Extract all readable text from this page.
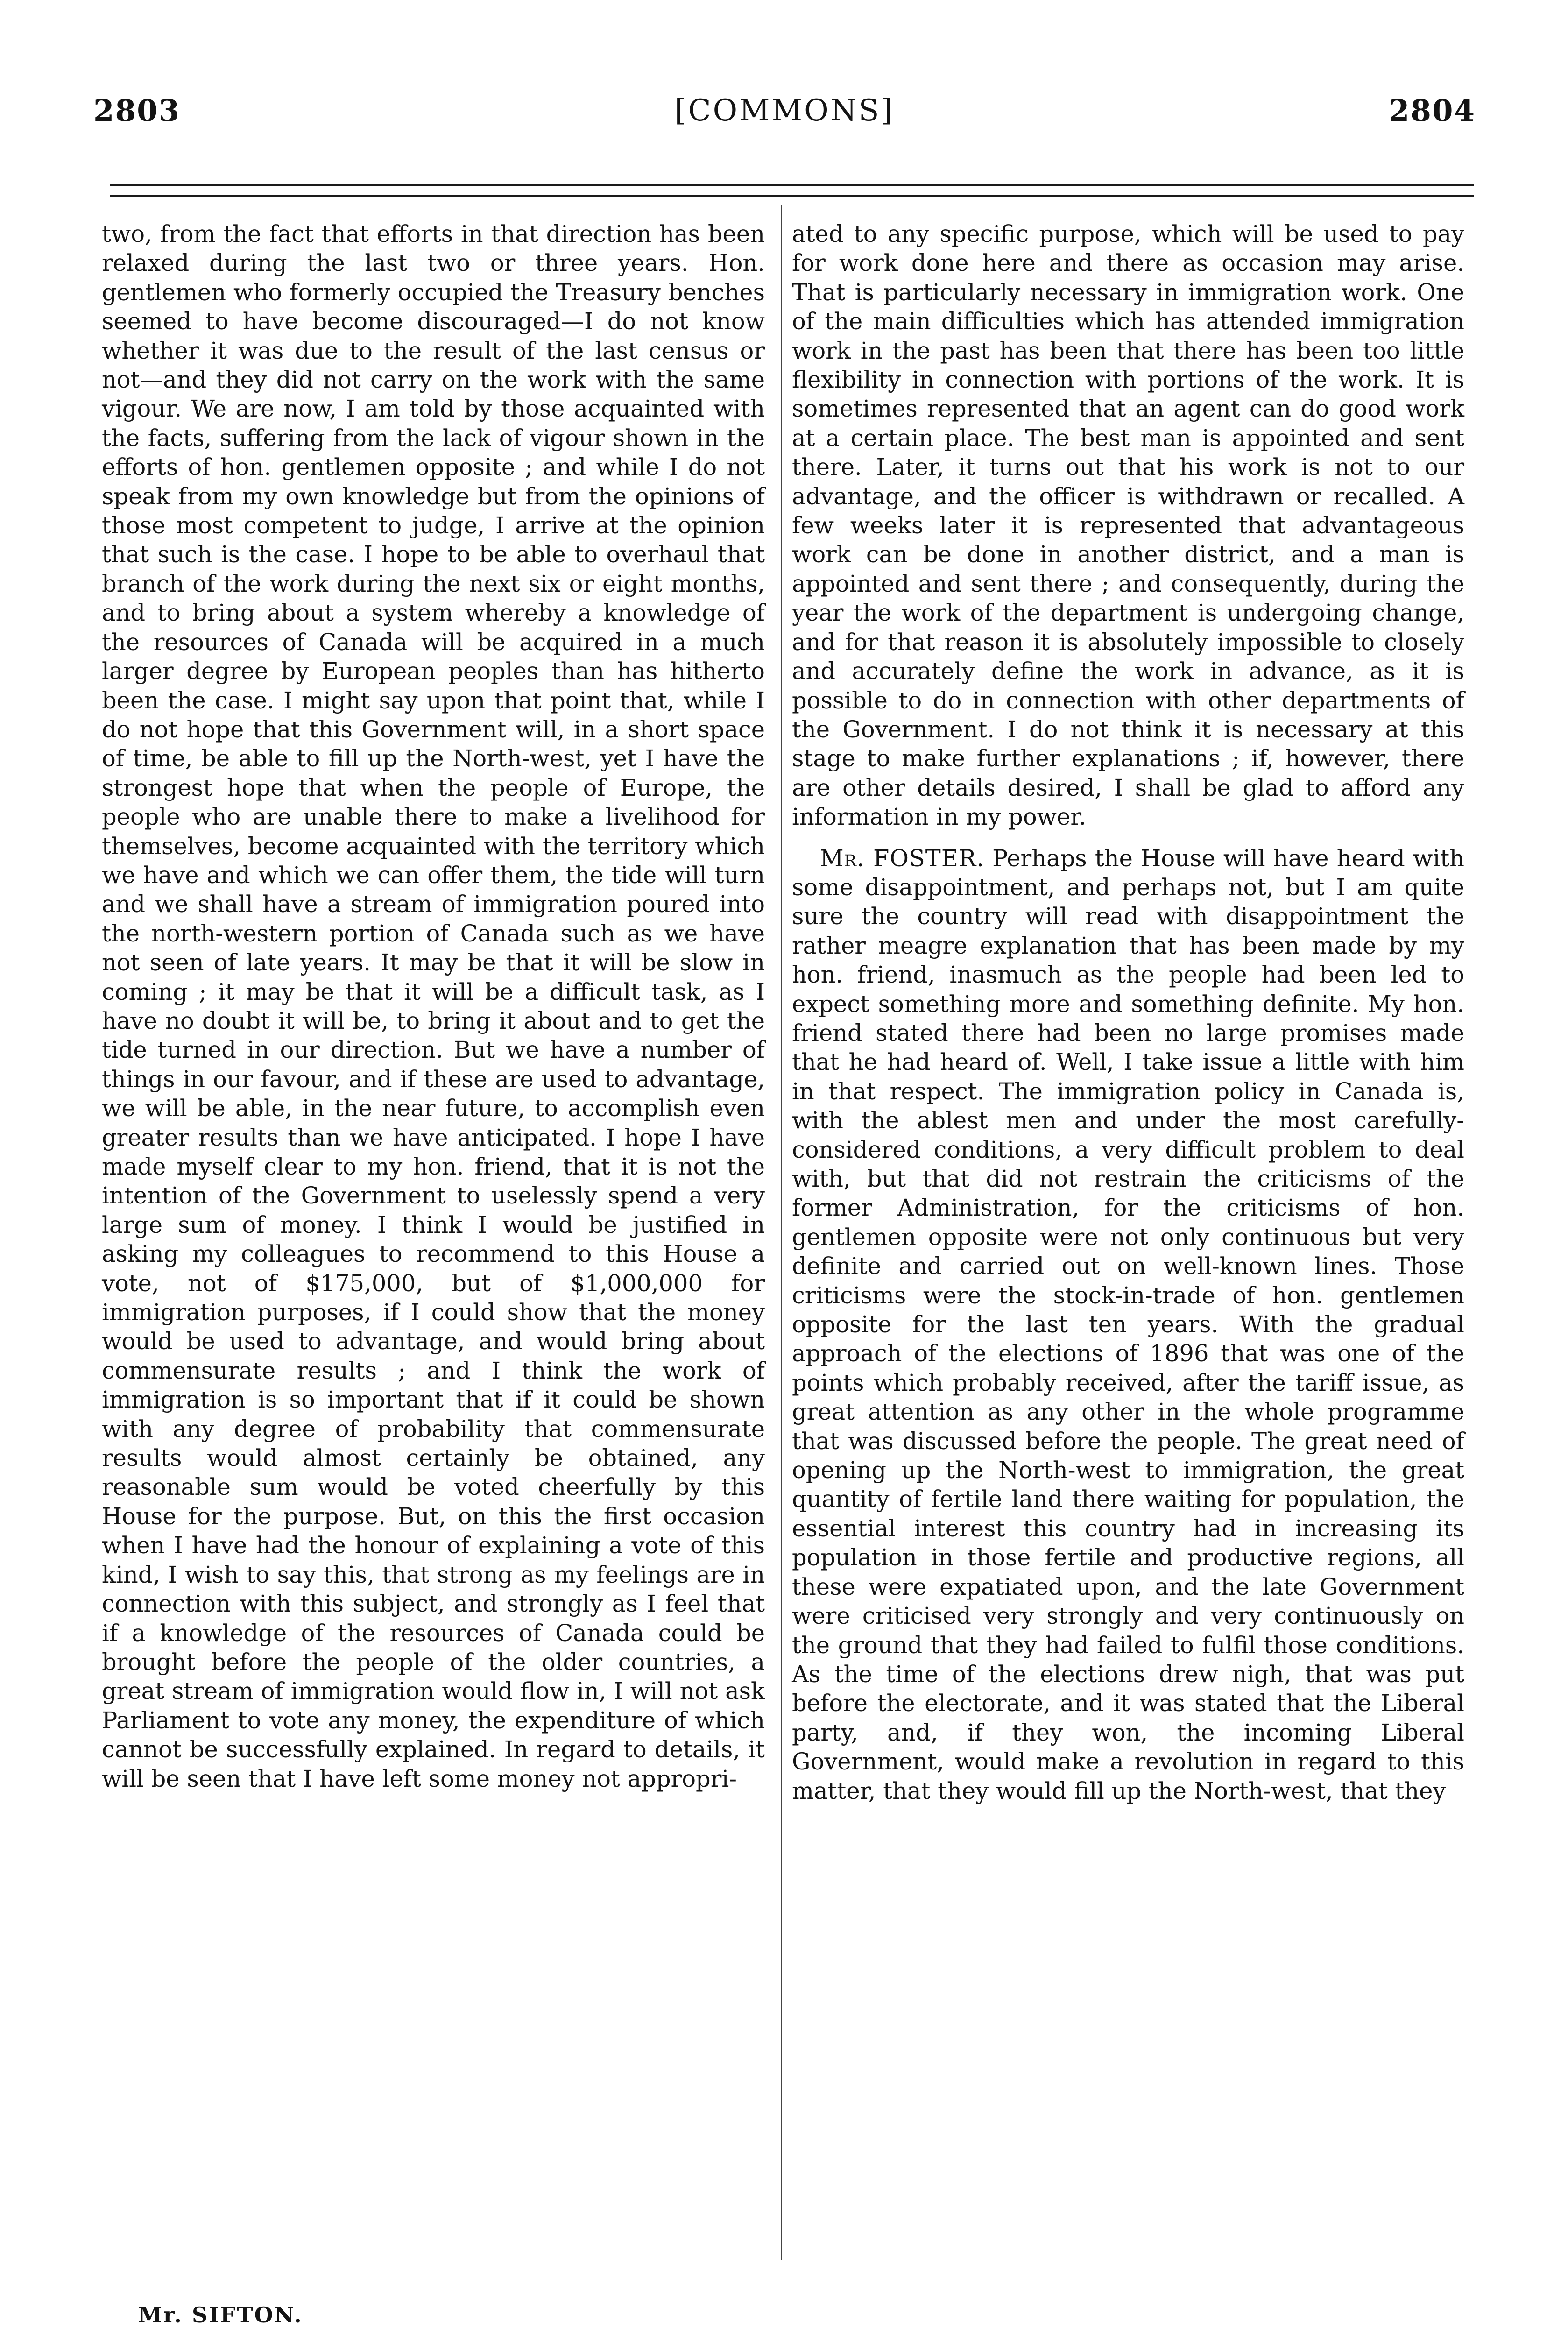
2803	[COMMONS]	2804

two, from the fact that efforts in that direction has been relaxed during the last two or three years. Hon. gentlemen who formerly occupied the Treasury benches seemed to have become discouraged—I do not know whether it was due to the result of the last census or not—and they did not carry on the work with the same vigour. We are now, I am told by those acquainted with the facts, suffering from the lack of vigour shown in the efforts of hon. gentlemen opposite ; and while I do not speak from my own knowledge but from the opinions of those most competent to judge, I arrive at the opinion that such is the case. I hope to be able to overhaul that branch of the work during the next six or eight months, and to bring about a system whereby a knowledge of the resources of Canada will be acquired in a much larger degree by European peoples than has hitherto been the case. I might say upon that point that, while I do not hope that this Government will, in a short space of time, be able to fill up the North-west, yet I have the strongest hope that when the people of Europe, the people who are unable there to make a livelihood for themselves, become acquainted with the territory which we have and which we can offer them, the tide will turn and we shall have a stream of immigration poured into the north-western portion of Canada such as we have not seen of late years. It may be that it will be slow in coming ; it may be that it will be a difficult task, as I have no doubt it will be, to bring it about and to get the tide turned in our direction. But we have a number of things in our favour, and if these are used to advantage, we will be able, in the near future, to accomplish even greater results than we have anticipated. I hope I have made myself clear to my hon. friend, that it is not the intention of the Government to uselessly spend a very large sum of money. I think I would be justified in asking my colleagues to recommend to this House a vote, not of $175,000, but of $1,000,000 for immigration purposes, if I could show that the money would be used to advantage, and would bring about commensurate results ; and I think the work of immigration is so important that if it could be shown with any degree of probability that commensurate results would almost certainly be obtained, any reasonable sum would be voted cheerfully by this House for the purpose. But, on this the first occasion when I have had the honour of explaining a vote of this kind, I wish to say this, that strong as my feelings are in connection with this subject, and strongly as I feel that if a knowledge of the resources of Canada could be brought before the people of the older countries, a great stream of immigration would flow in, I will not ask Parliament to vote any money, the expenditure of which cannot be successfully explained. In regard to details, it will be seen that I have left some money not appropri-

ated to any specific purpose, which will be used to pay for work done here and there as occasion may arise. That is particularly necessary in immigration work. One of the main difficulties which has attended immigration work in the past has been that there has been too little flexibility in connection with portions of the work. It is sometimes represented that an agent can do good work at a certain place. The best man is appointed and sent there. Later, it turns out that his work is not to our advantage, and the officer is withdrawn or recalled. A few weeks later it is represented that advantageous work can be done in another district, and a man is appointed and sent there ; and consequently, during the year the work of the department is undergoing change, and for that reason it is absolutely impossible to closely and accurately define the work in advance, as it is possible to do in connection with other departments of the Government. I do not think it is necessary at this stage to make further explanations ; if, however, there are other details desired, I shall be glad to afford any information in my power.

Mr. FOSTER. Perhaps the House will have heard with some disappointment, and perhaps not, but I am quite sure the country will read with disappointment the rather meagre explanation that has been made by my hon. friend, inasmuch as the people had been led to expect something more and something definite. My hon. friend stated there had been no large promises made that he had heard of. Well, I take issue a little with him in that respect. The immigration policy in Canada is, with the ablest men and under the most carefully-considered conditions, a very difficult problem to deal with, but that did not restrain the criticisms of the former Administration, for the criticisms of hon. gentlemen opposite were not only continuous but very definite and carried out on well-known lines. Those criticisms were the stock-in-trade of hon. gentlemen opposite for the last ten years. With the gradual approach of the elections of 1896 that was one of the points which probably received, after the tariff issue, as great attention as any other in the whole programme that was discussed before the people. The great need of opening up the North-west to immigration, the great quantity of fertile land there waiting for population, the essential interest this country had in increasing its population in those fertile and productive regions, all these were expatiated upon, and the late Government were criticised very strongly and very continuously on the ground that they had failed to fulfil those conditions. As the time of the elections drew nigh, that was put before the electorate, and it was stated that the Liberal party, and, if they won, the incoming Liberal Government, would make a revolution in regard to this matter, that they would fill up the North-west, that they

Mr. SIFTON.
